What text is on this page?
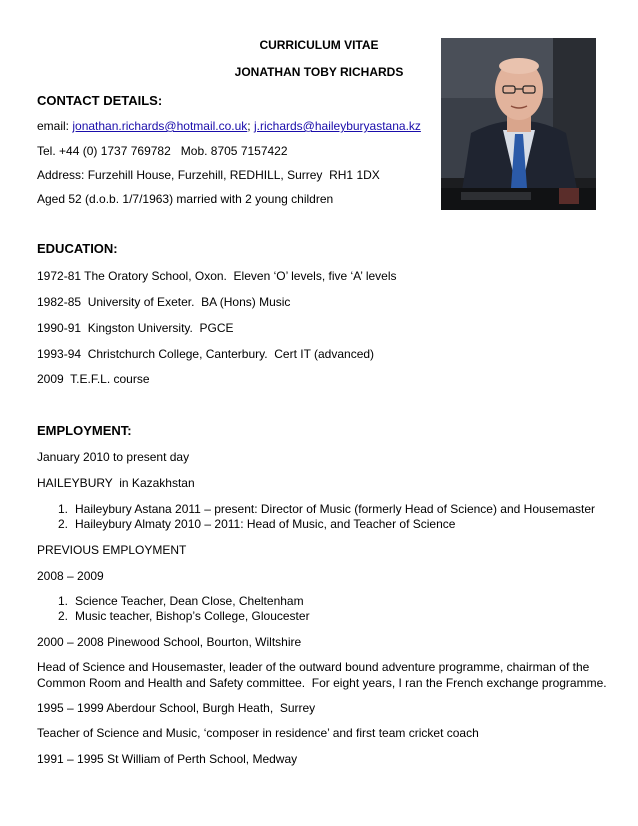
CURRICULUM VITAE
JONATHAN TOBY RICHARDS
CONTACT DETAILS:
email: jonathan.richards@hotmail.co.uk; j.richards@haileyburyastana.kz
Tel. +44 (0) 1737 769782   Mob. 8705 7157422
Address: Furzehill House, Furzehill, REDHILL, Surrey  RH1 1DX
Aged 52 (d.o.b. 1/7/1963) married with 2 young children
EDUCATION:
1972-81 The Oratory School, Oxon.  Eleven ‘O’ levels, five ‘A’ levels
1982-85  University of Exeter.  BA (Hons) Music
1990-91  Kingston University.  PGCE
1993-94  Christchurch College, Canterbury.  Cert IT (advanced)
2009  T.E.F.L. course
EMPLOYMENT:
January 2010 to present day
HAILEYBURY  in Kazakhstan
1. Haileybury Astana 2011 – present: Director of Music (formerly Head of Science) and Housemaster
2. Haileybury Almaty 2010 – 2011: Head of Music, and Teacher of Science
PREVIOUS EMPLOYMENT
2008 – 2009
1. Science Teacher, Dean Close, Cheltenham
2. Music teacher, Bishop’s College, Gloucester
2000 – 2008 Pinewood School, Bourton, Wiltshire
Head of Science and Housemaster, leader of the outward bound adventure programme, chairman of the
Common Room and Health and Safety committee.  For eight years, I ran the French exchange programme.
1995 – 1999 Aberdour School, Burgh Heath,  Surrey
Teacher of Science and Music, ‘composer in residence’ and first team cricket coach
1991 – 1995 St William of Perth School, Medway
